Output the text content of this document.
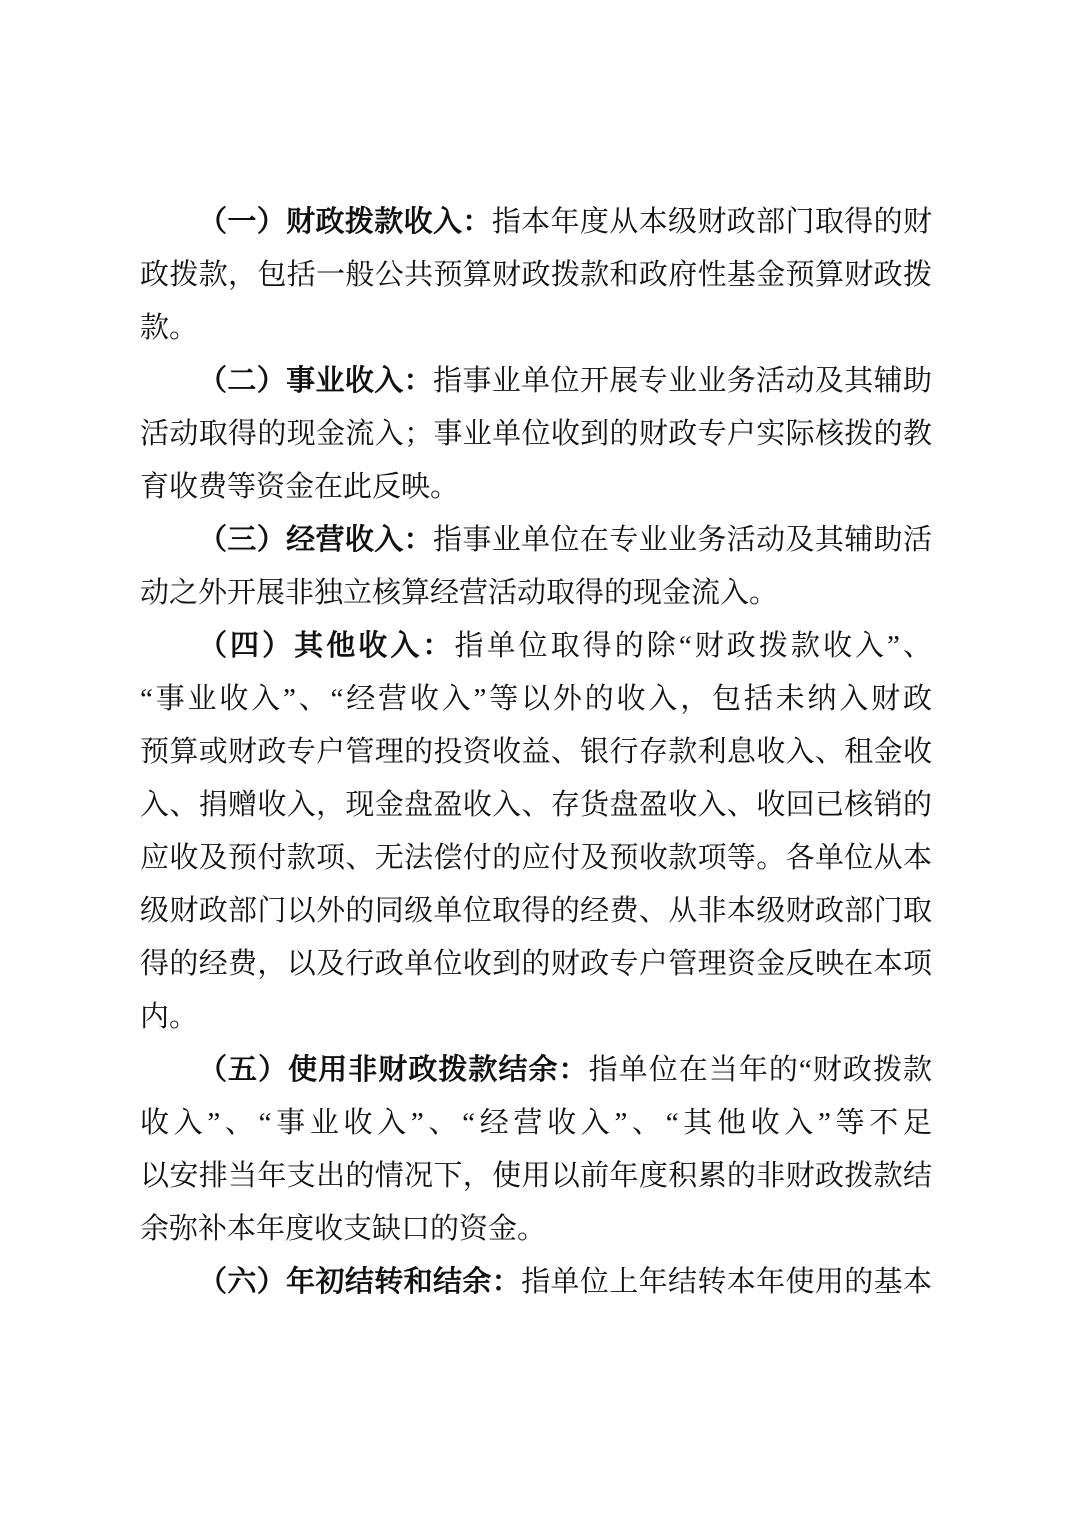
（一）财政拨款收入：指本年度从本级财政部门取得的财
政拨款，包括一般公共预算财政拨款和政府性基金预算财政拨
款。
（二）事业收入：指事业单位开展专业业务活动及其辅助
活动取得的现金流入；事业单位收到的财政专户实际核拨的教
育收费等资金在此反映。
（三）经营收入：指事业单位在专业业务活动及其辅助活
动之外开展非独立核算经营活动取得的现金流入。
（四）其他收入：指单位取得的除“财政拨款收入”、
“事业收入”、“经营收入”等以外的收入，包括未纳入财政
预算或财政专户管理的投资收益、银行存款利息收入、租金收
入、捐赠收入，现金盘盈收入、存货盘盈收入、收回已核销的
应收及预付款项、无法偿付的应付及预收款项等。各单位从本
级财政部门以外的同级单位取得的经费、从非本级财政部门取
得的经费，以及行政单位收到的财政专户管理资金反映在本项
内。
（五）使用非财政拨款结余：指单位在当年的“财政拨款
收入”、“事业收入”、“经营收入”、“其他收入”等不足
以安排当年支出的情况下，使用以前年度积累的非财政拨款结
余弥补本年度收支缺口的资金。
（六）年初结转和结余：指单位上年结转本年使用的基本
